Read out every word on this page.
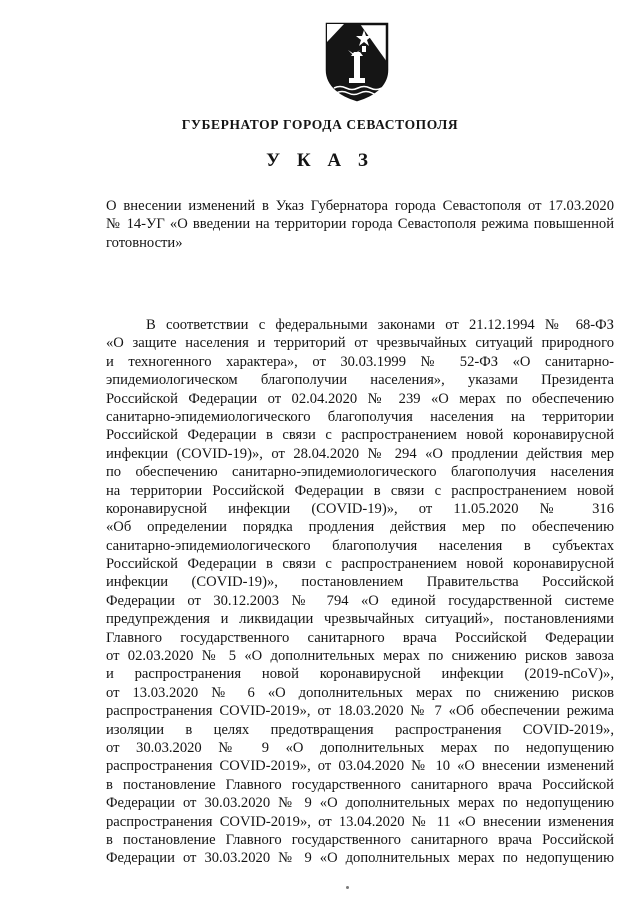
ГУБЕРНАТОР ГОРОДА СЕВАСТОПОЛЯ
У К А З
О внесении изменений в Указ Губернатора города Севастополя от 17.03.2020
№ 14-УГ «О введении на территории города Севастополя режима повышенной
готовности»
В соответствии с федеральными законами от 21.12.1994 № 68-ФЗ
«О защите населения и территорий от чрезвычайных ситуаций природного
и техногенного характера», от 30.03.1999 № 52-ФЗ «О санитарно-
эпидемиологическом благополучии населения», указами Президента
Российской Федерации от 02.04.2020 № 239 «О мерах по обеспечению
санитарно-эпидемиологического благополучия населения на территории
Российской Федерации в связи с распространением новой коронавирусной
инфекции (COVID-19)», от 28.04.2020 № 294 «О продлении действия мер
по обеспечению санитарно-эпидемиологического благополучия населения
на территории Российской Федерации в связи с распространением новой
коронавирусной инфекции (COVID-19)», от 11.05.2020 № 316
«Об определении порядка продления действия мер по обеспечению
санитарно-эпидемиологического благополучия населения в субъектах
Российской Федерации в связи с распространением новой коронавирусной
инфекции (COVID-19)», постановлением Правительства Российской
Федерации от 30.12.2003 № 794 «О единой государственной системе
предупреждения и ликвидации чрезвычайных ситуаций», постановлениями
Главного государственного санитарного врача Российской Федерации
от 02.03.2020 № 5 «О дополнительных мерах по снижению рисков завоза
и распространения новой коронавирусной инфекции (2019-nCoV)»,
от 13.03.2020 № 6 «О дополнительных мерах по снижению рисков
распространения COVID-2019», от 18.03.2020 № 7 «Об обеспечении режима
изоляции в целях предотвращения распространения COVID-2019»,
от 30.03.2020 № 9 «О дополнительных мерах по недопущению
распространения COVID-2019», от 03.04.2020 № 10 «О внесении изменений
в постановление Главного государственного санитарного врача Российской
Федерации от 30.03.2020 № 9 «О дополнительных мерах по недопущению
распространения COVID-2019», от 13.04.2020 № 11 «О внесении изменения
в постановление Главного государственного санитарного врача Российской
Федерации от 30.03.2020 № 9 «О дополнительных мерах по недопущению
